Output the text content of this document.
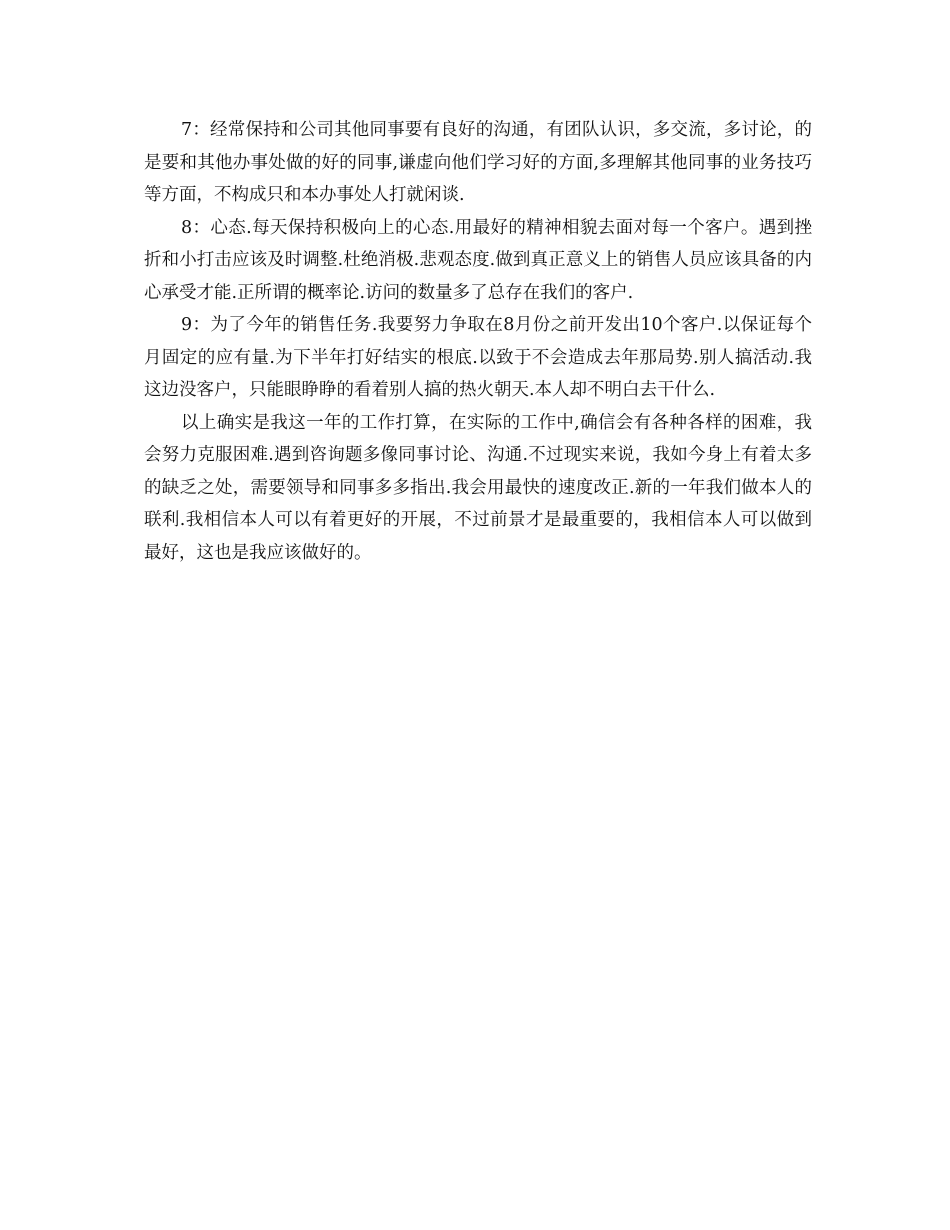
7：经常保持和公司其他同事要有良好的沟通，有团队认识，多交流，多讨论，的是要和其他办事处做的好的同事,谦虚向他们学习好的方面,多理解其他同事的业务技巧等方面，不构成只和本办事处人打就闲谈.

8：心态.每天保持积极向上的心态.用最好的精神相貌去面对每一个客户。遇到挫折和小打击应该及时调整.杜绝消极.悲观态度.做到真正意义上的销售人员应该具备的内心承受才能.正所谓的概率论.访问的数量多了总存在我们的客户.

9：为了今年的销售任务.我要努力争取在8月份之前开发出10个客户.以保证每个月固定的应有量.为下半年打好结实的根底.以致于不会造成去年那局势.别人搞活动.我这边没客户，只能眼睁睁的看着别人搞的热火朝天.本人却不明白去干什么.

以上确实是我这一年的工作打算，在实际的工作中,确信会有各种各样的困难，我会努力克服困难.遇到咨询题多像同事讨论、沟通.不过现实来说，我如今身上有着太多的缺乏之处，需要领导和同事多多指出.我会用最快的速度改正.新的一年我们做本人的联利.我相信本人可以有着更好的开展，不过前景才是最重要的，我相信本人可以做到最好，这也是我应该做好的。
